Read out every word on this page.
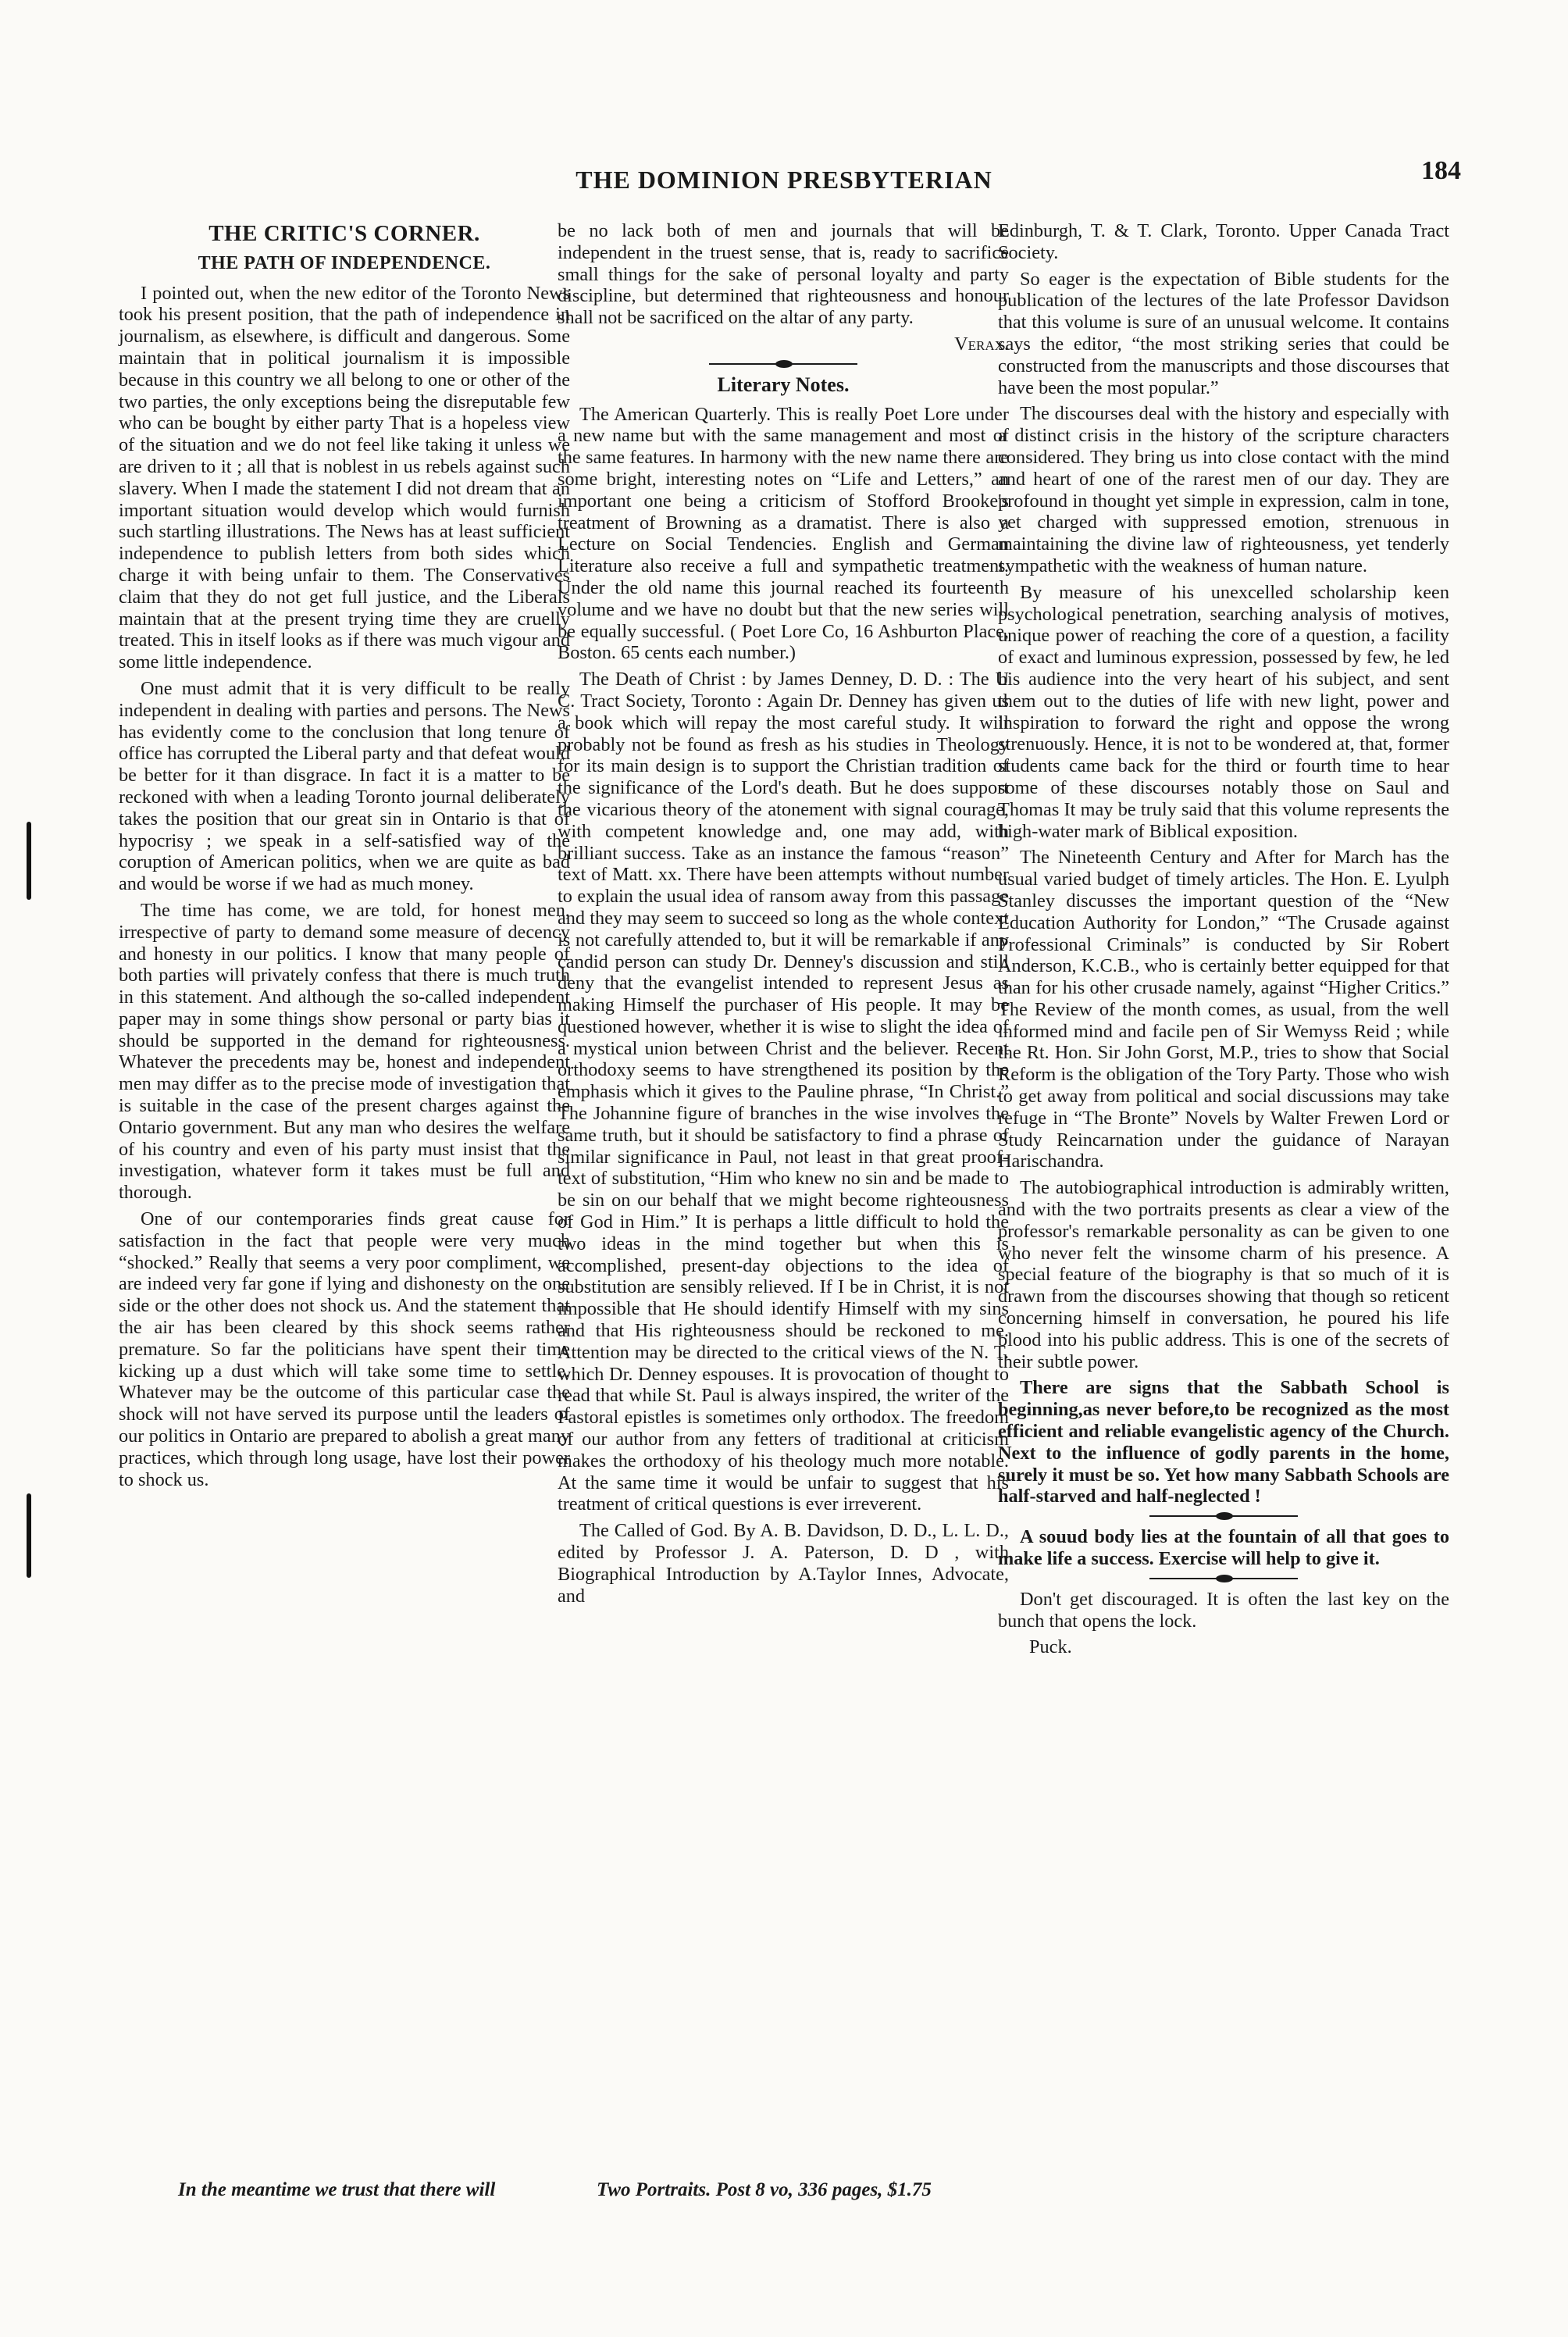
THE DOMINION PRESBYTERIAN	184
THE CRITIC'S CORNER.
THE PATH OF INDEPENDENCE.

I pointed out, when the new editor of the Toronto News took his present position, that the path of independence in journalism, as elsewhere, is difficult and dangerous. Some maintain that in political journalism it is impossible because in this country we all belong to one or other of the two parties, the only exceptions being the disreputable few who can be bought by either party That is a hopeless view of the situation and we do not feel like taking it unless we are driven to it ; all that is noblest in us rebels against such slavery. When I made the statement I did not dream that an important situation would develop which would furnish such startling illustrations. The News has at least sufficient independence to publish letters from both sides which charge it with being unfair to them. The Conservatives claim that they do not get full justice, and the Liberals maintain that at the present trying time they are cruelly treated. This in itself looks as if there was much vigour and some little independence.

One must admit that it is very difficult to be really independent in dealing with parties and persons. The News has evidently come to the conclusion that long tenure of office has corrupted the Liberal party and that defeat would be better for it than disgrace. In fact it is a matter to be reckoned with when a leading Toronto journal deliberately takes the position that our great sin in Ontario is that of hypocrisy ; we speak in a self-satisfied way of the coruption of American politics, when we are quite as bad and would be worse if we had as much money.

The time has come, we are told, for honest men, irrespective of party to demand some measure of decency and honesty in our politics. I know that many people of both parties will privately confess that there is much truth in this statement. And although the so-called independent paper may in some things show personal or party bias it should be supported in the demand for righteousness. Whatever the precedents may be, honest and independent men may differ as to the precise mode of investigation that is suitable in the case of the present charges against the Ontario government. But any man who desires the welfare of his country and even of his party must insist that the investigation, whatever form it takes must be full and thorough.

One of our contemporaries finds great cause for satisfaction in the fact that people were very much “shocked.” Really that seems a very poor compliment, we are indeed very far gone if lying and dishonesty on the one side or the other does not shock us. And the statement that the air has been cleared by this shock seems rather premature. So far the politicians have spent their time kicking up a dust which will take some time to settle. Whatever may be the outcome of this particular case the shock will not have served its purpose until the leaders of our politics in Ontario are prepared to abolish a great many practices, which through long usage, have lost their power to shock us.

be no lack both of men and journals that will be independent in the truest sense, that is, ready to sacrifice small things for the sake of personal loyalty and party discipline, but determined that righteousness and honour shall not be sacrificed on the altar of any party.

Verax.
Literary Notes.

The American Quarterly. This is really Poet Lore under a new name but with the same management and most of the same features. In harmony with the new name there are some bright, interesting notes on “Life and Letters,” an important one being a criticism of Stofford Brooke's treatment of Browning as a dramatist. There is also a Lecture on Social Tendencies. English and German Literature also receive a full and sympathetic treatment. Under the old name this journal reached its fourteenth volume and we have no doubt but that the new series will be equally successful. ( Poet Lore Co, 16 Ashburton Place, Boston. 65 cents each number.)

The Death of Christ : by James Denney, D. D. : The U C. Tract Society, Toronto : Again Dr. Denney has given us a book which will repay the most careful study. It will probably not be found as fresh as his studies in Theology for its main design is to support the Christian tradition of the significance of the Lord's death. But he does support the vicarious theory of the atonement with signal courage, with competent knowledge and, one may add, with brilliant success. Take as an instance the famous “reason” text of Matt. xx. There have been attempts without number to explain the usual idea of ransom away from this passage and they may seem to succeed so long as the whole context is not carefully attended to, but it will be remarkable if any candid person can study Dr. Denney's discussion and still deny that the evangelist intended to represent Jesus as making Himself the purchaser of His people. It may be questioned however, whether it is wise to slight the idea of a mystical union between Christ and the believer. Recent orthodoxy seems to have strengthened its position by the emphasis which it gives to the Pauline phrase, “In Christ.” The Johannine figure of branches in the wise involves the same truth, but it should be satisfactory to find a phrase of similar significance in Paul, not least in that great proof-text of substitution, “Him who knew no sin and be made to be sin on our behalf that we might become righteousness of God in Him.” It is perhaps a little difficult to hold the two ideas in the mind together but when this is accomplished, present-day objections to the idea of substitution are sensibly relieved. If I be in Christ, it is not impossible that He should identify Himself with my sins and that His righteousness should be reckoned to me. Attention may be directed to the critical views of the N. T. which Dr. Denney espouses. It is provocation of thought to read that while St. Paul is always inspired, the writer of the Pastoral epistles is sometimes only orthodox. The freedom of our author from any fetters of traditional at criticism makes the orthodoxy of his theology much more notable. At the same time it would be unfair to suggest that his treatment of critical questions is ever irreverent.

The Called of God. By A. B. Davidson, D. D., L. L. D., edited by Professor J. A. Paterson, D. D , with Biographical Introduction by A.Taylor Innes, Advocate, and

Edinburgh, T. & T. Clark, Toronto. Upper Canada Tract Society.

So eager is the expectation of Bible students for the publication of the lectures of the late Professor Davidson that this volume is sure of an unusual welcome. It contains says the editor, “the most striking series that could be constructed from the manuscripts and those discourses that have been the most popular.”

The discourses deal with the history and especially with a distinct crisis in the history of the scripture characters considered. They bring us into close contact with the mind and heart of one of the rarest men of our day. They are profound in thought yet simple in expression, calm in tone, yet charged with suppressed emotion, strenuous in maintaining the divine law of righteousness, yet tenderly sympathetic with the weakness of human nature.

By measure of his unexcelled scholarship keen psychological penetration, searching analysis of motives, unique power of reaching the core of a question, a facility of exact and luminous expression, possessed by few, he led his audience into the very heart of his subject, and sent them out to the duties of life with new light, power and inspiration to forward the right and oppose the wrong strenuously. Hence, it is not to be wondered at, that, former students came back for the third or fourth time to hear some of these discourses notably those on Saul and Thomas It may be truly said that this volume represents the high-water mark of Biblical exposition.

The Nineteenth Century and After for March has the usual varied budget of timely articles. The Hon. E. Lyulph Stanley discusses the important question of the “New Education Authority for London,” “The Crusade against Professional Criminals” is conducted by Sir Robert Anderson, K.C.B., who is certainly better equipped for that than for his other crusade namely, against “Higher Critics.” The Review of the month comes, as usual, from the well informed mind and facile pen of Sir Wemyss Reid ; while the Rt. Hon. Sir John Gorst, M.P., tries to show that Social Reform is the obligation of the Tory Party. Those who wish to get away from political and social discussions may take refuge in “The Bronte” Novels by Walter Frewen Lord or Study Reincarnation under the guidance of Narayan Harischandra.

The autobiographical introduction is admirably written, and with the two portraits presents as clear a view of the professor's remarkable personality as can be given to one who never felt the winsome charm of his presence. A special feature of the biography is that so much of it is drawn from the discourses showing that though so reticent concerning himself in conversation, he poured his life blood into his public address. This is one of the secrets of their subtle power.

There are signs that the Sabbath School is beginning,as never before,to be recognized as the most efficient and reliable evangelistic agency of the Church. Next to the influence of godly parents in the home, surely it must be so. Yet how many Sabbath Schools are half-starved and half-neglected !

A souud body lies at the fountain of all that goes to make life a success. Exercise will help to give it.

Don't get discouraged. It is often the last key on the bunch that opens the lock.

Puck.
In the meantime we trust that there will	Two Portraits. Post 8 vo, 336 pages, $1.75
